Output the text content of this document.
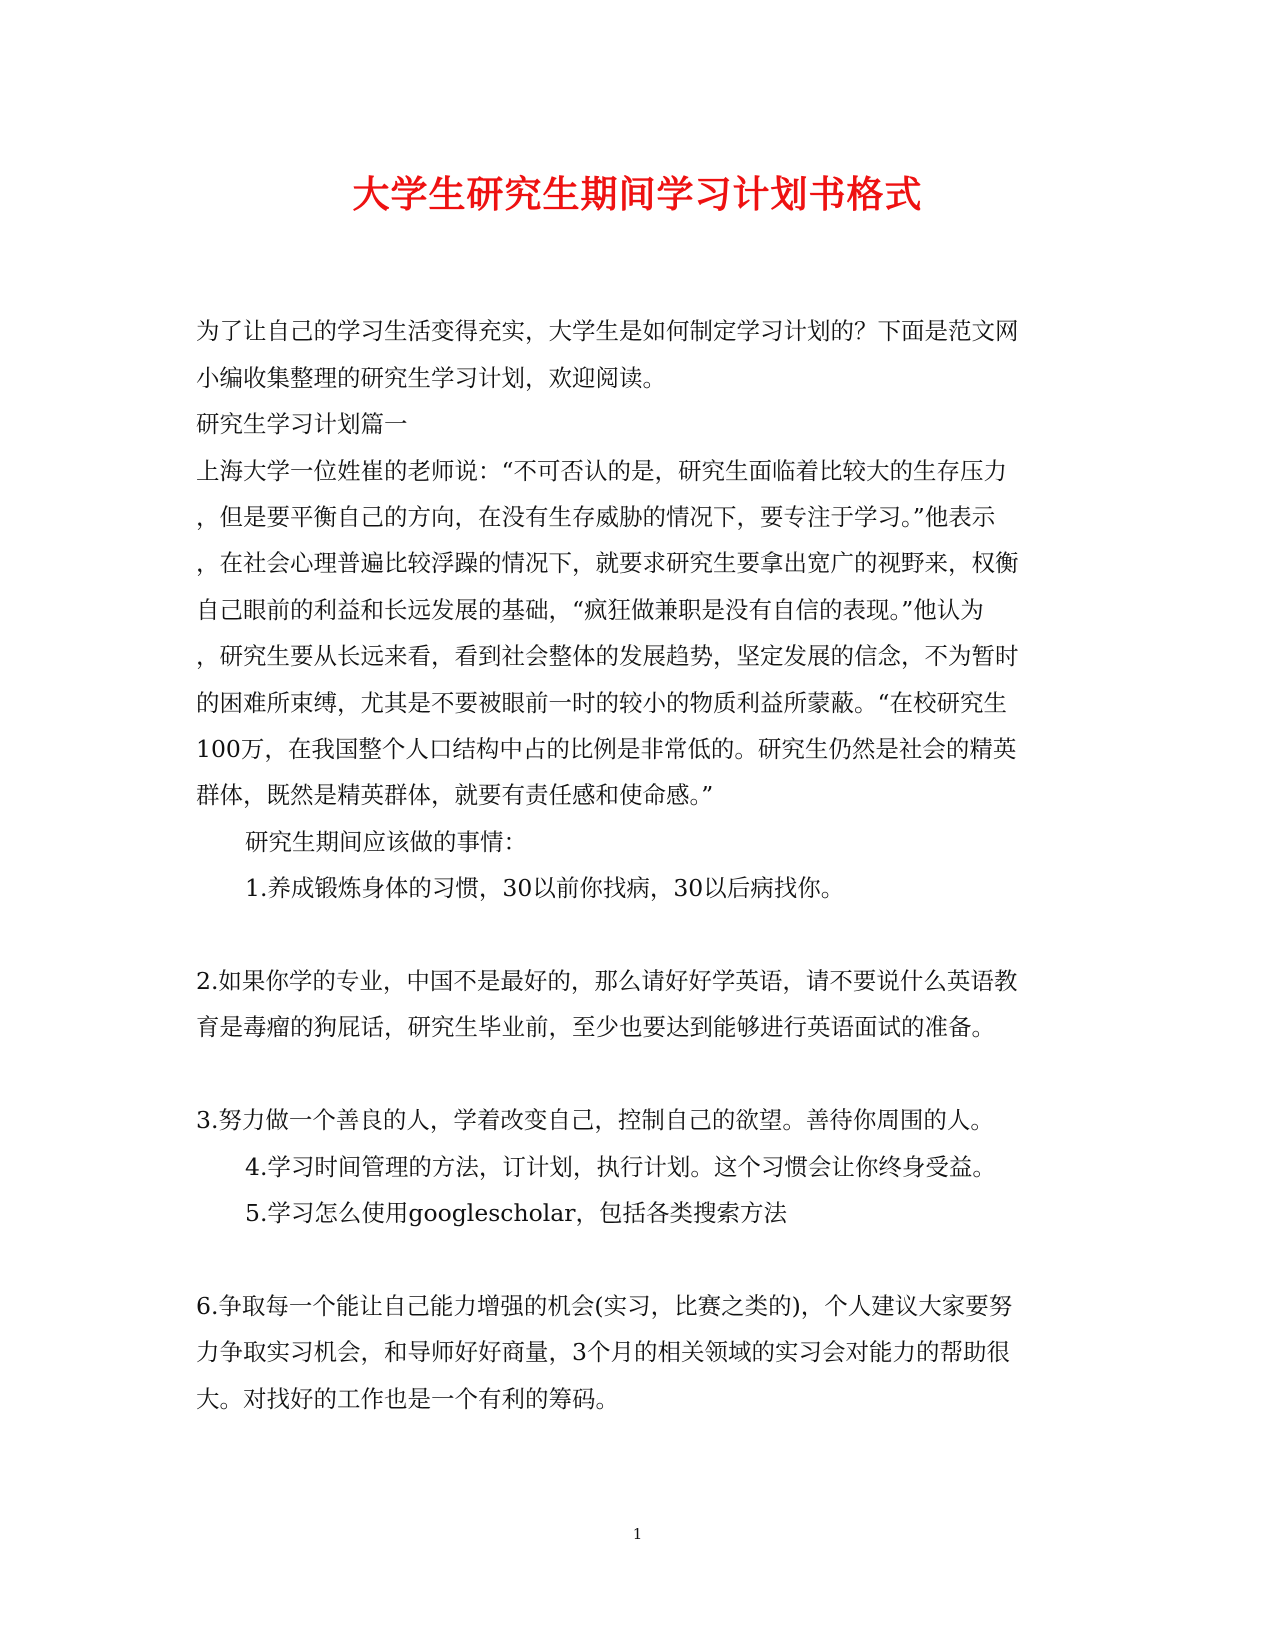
大学生研究生期间学习计划书格式

为了让自己的学习生活变得充实，大学生是如何制定学习计划的？下面是范文网

小编收集整理的研究生学习计划，欢迎阅读。

研究生学习计划篇一

上海大学一位姓崔的老师说：“不可否认的是，研究生面临着比较大的生存压力

，但是要平衡自己的方向，在没有生存威胁的情况下，要专注于学习。”他表示

，在社会心理普遍比较浮躁的情况下，就要求研究生要拿出宽广的视野来，权衡

自己眼前的利益和长远发展的基础，“疯狂做兼职是没有自信的表现。”他认为

，研究生要从长远来看，看到社会整体的发展趋势，坚定发展的信念，不为暂时

的困难所束缚，尤其是不要被眼前一时的较小的物质利益所蒙蔽。“在校研究生

100万，在我国整个人口结构中占的比例是非常低的。研究生仍然是社会的精英

群体，既然是精英群体，就要有责任感和使命感。”

研究生期间应该做的事情：

1.养成锻炼身体的习惯，30以前你找病，30以后病找你。

2.如果你学的专业，中国不是最好的，那么请好好学英语，请不要说什么英语教

育是毒瘤的狗屁话，研究生毕业前，至少也要达到能够进行英语面试的准备。

3.努力做一个善良的人，学着改变自己，控制自己的欲望。善待你周围的人。

4.学习时间管理的方法，订计划，执行计划。这个习惯会让你终身受益。

5.学习怎么使用googlescholar，包括各类搜索方法

6.争取每一个能让自己能力增强的机会(实习，比赛之类的)，个人建议大家要努

力争取实习机会，和导师好好商量，3个月的相关领域的实习会对能力的帮助很

大。对找好的工作也是一个有利的筹码。

1
